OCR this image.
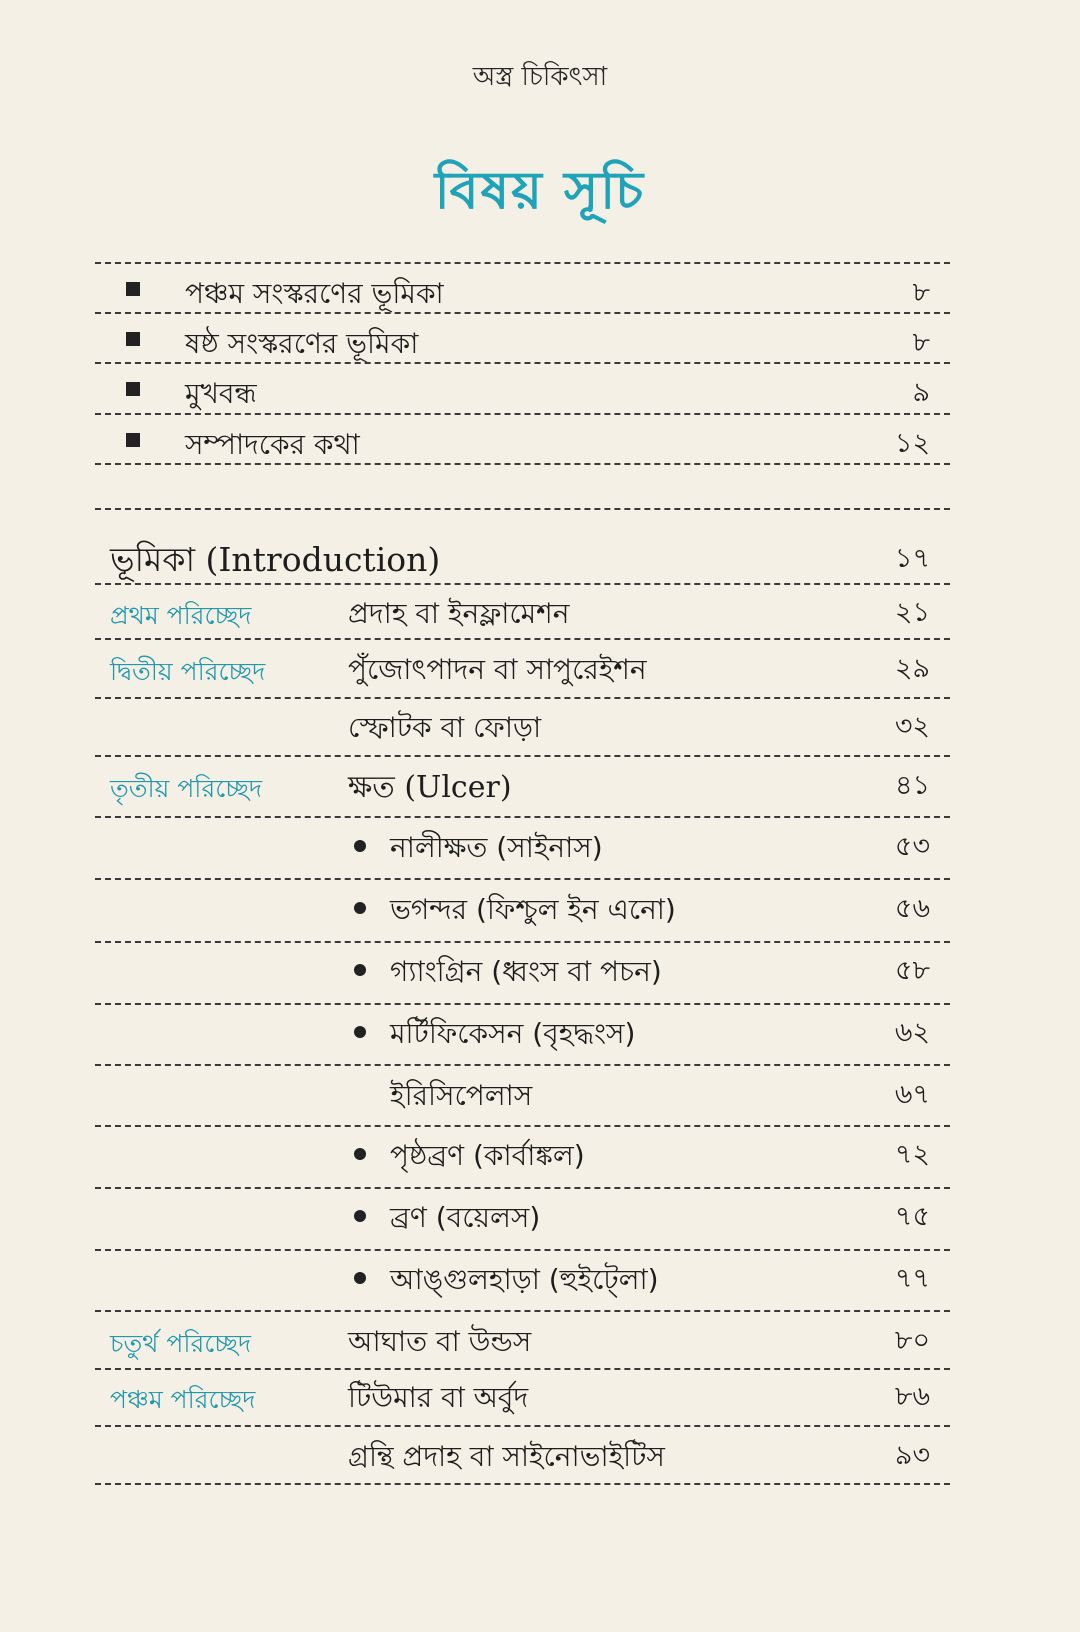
অস্ত্র চিকিৎসা
বিষয় সূচি
পঞ্চম সংস্করণের ভূমিকা	৮
ষষ্ঠ সংস্করণের ভূমিকা	৮
মুখবন্ধ	৯
সম্পাদকের কথা	১২
ভূমিকা (Introduction)	১৭
প্রথম পরিচ্ছেদ	প্রদাহ বা ইনফ্লামেশন	২১
দ্বিতীয় পরিচ্ছেদ	পুঁজোৎপাদন বা সাপুরেইশন	২৯
স্ফোটক বা ফোড়া	৩২
তৃতীয় পরিচ্ছেদ	ক্ষত (Ulcer)	৪১
নালীক্ষত (সাইনাস)	৫৩
ভগন্দর (ফিশ্চুল ইন এনো)	৫৬
গ্যাংগ্রিন (ধ্বংস বা পচন)	৫৮
মর্টিফিকেসন (বৃহদ্ধংস)	৬২
ইরিসিপেলাস	৬৭
পৃষ্ঠব্রণ (কার্বাঙ্কল)	৭২
ব্রণ (বয়েলস)	৭৫
আঙ্গুলহাড়া (হুইট্লো)	৭৭
চতুর্থ পরিচ্ছেদ	আঘাত বা উন্ডস	৮০
পঞ্চম পরিচ্ছেদ	টিউমার বা অর্বুদ	৮৬
গ্রন্থি প্রদাহ বা সাইনোভাইটিস	৯৩
